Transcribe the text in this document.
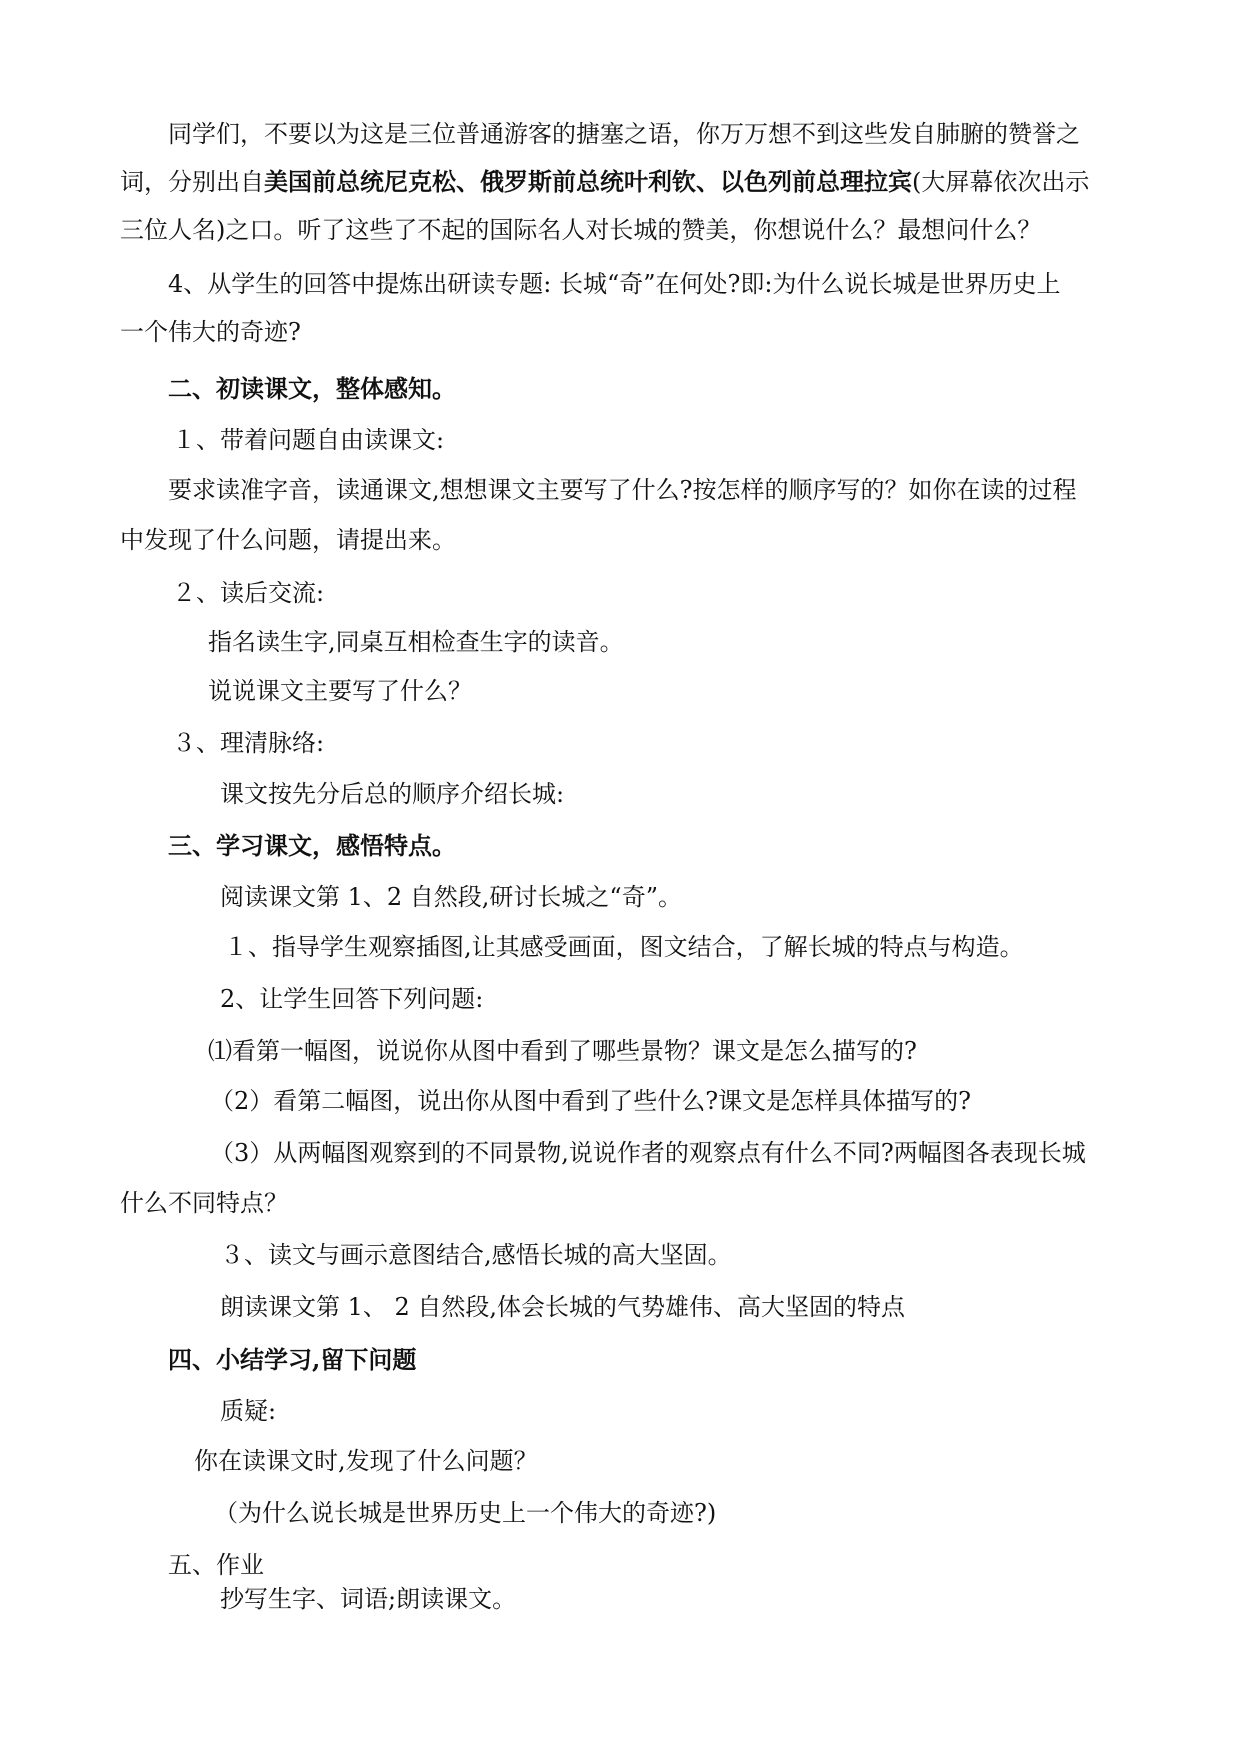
同学们，不要以为这是三位普通游客的搪塞之语，你万万想不到这些发自肺腑的赞誉之
词，分别出自美国前总统尼克松、俄罗斯前总统叶利钦、以色列前总理拉宾(大屏幕依次出示
三位人名)之口。听了这些了不起的国际名人对长城的赞美，你想说什么？最想问什么？
4、从学生的回答中提炼出研读专题: 长城“奇”在何处?即:为什么说长城是世界历史上
一个伟大的奇迹?
二、初读课文，整体感知。
１、带着问题自由读课文:
要求读准字音，读通课文,想想课文主要写了什么?按怎样的顺序写的？如你在读的过程
中发现了什么问题，请提出来。
２、读后交流:
指名读生字,同桌互相检查生字的读音。
说说课文主要写了什么？
３、理清脉络:
课文按先分后总的顺序介绍长城:
三、学习课文，感悟特点。
阅读课文第 1、2 自然段,研讨长城之“奇”。
１、指导学生观察插图,让其感受画面，图文结合，了解长城的特点与构造。
2、让学生回答下列问题:
⑴看第一幅图，说说你从图中看到了哪些景物？课文是怎么描写的?
（2）看第二幅图，说出你从图中看到了些什么?课文是怎样具体描写的?
（3）从两幅图观察到的不同景物,说说作者的观察点有什么不同?两幅图各表现长城
什么不同特点？
３、读文与画示意图结合,感悟长城的高大坚固。
朗读课文第 1、 2 自然段,体会长城的气势雄伟、高大坚固的特点
四、小结学习,留下问题
质疑:
你在读课文时,发现了什么问题？
（为什么说长城是世界历史上一个伟大的奇迹?)
五、作业
抄写生字、词语;朗读课文。
